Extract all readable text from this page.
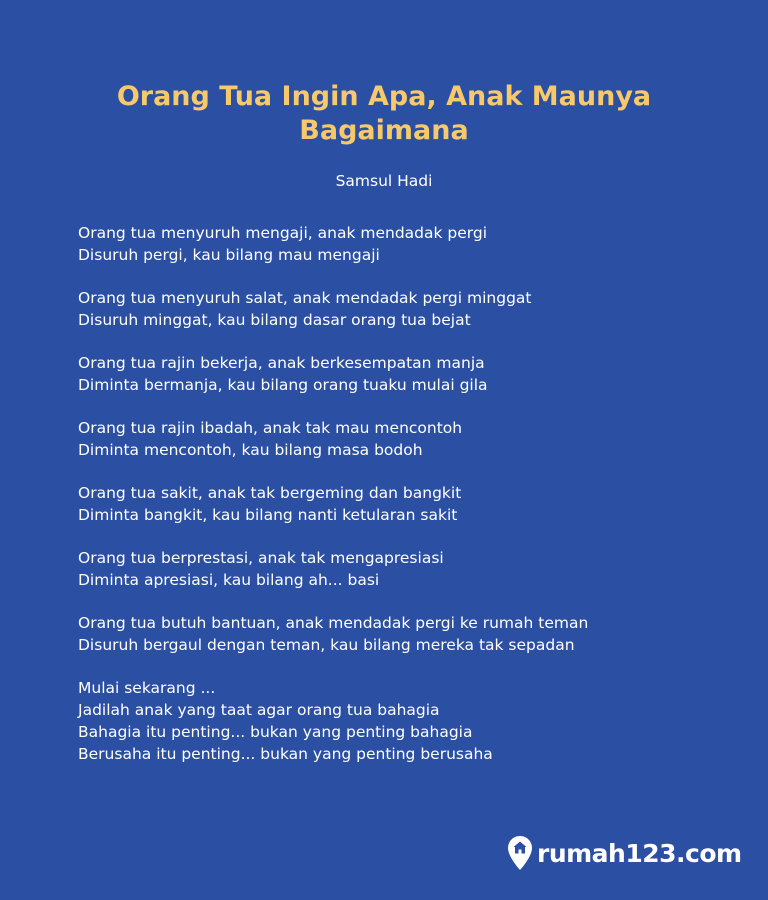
Orang Tua Ingin Apa, Anak Maunya
Bagaimana
Samsul Hadi
Orang tua menyuruh mengaji, anak mendadak pergi
Disuruh pergi, kau bilang mau mengaji
Orang tua menyuruh salat, anak mendadak pergi minggat
Disuruh minggat, kau bilang dasar orang tua bejat
Orang tua rajin bekerja, anak berkesempatan manja
Diminta bermanja, kau bilang orang tuaku mulai gila
Orang tua rajin ibadah, anak tak mau mencontoh
Diminta mencontoh, kau bilang masa bodoh
Orang tua sakit, anak tak bergeming dan bangkit
Diminta bangkit, kau bilang nanti ketularan sakit
Orang tua berprestasi, anak tak mengapresiasi
Diminta apresiasi, kau bilang ah... basi
Orang tua butuh bantuan, anak mendadak pergi ke rumah teman
Disuruh bergaul dengan teman, kau bilang mereka tak sepadan
Mulai sekarang ...
Jadilah anak yang taat agar orang tua bahagia
Bahagia itu penting... bukan yang penting bahagia
Berusaha itu penting... bukan yang penting berusaha
rumah123.com
